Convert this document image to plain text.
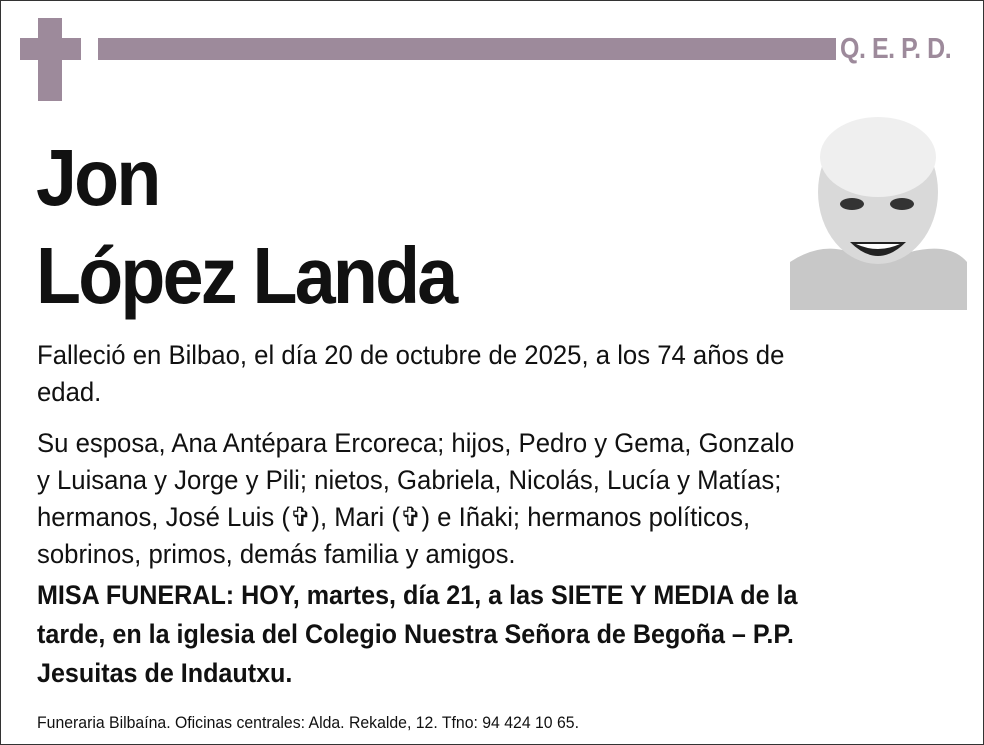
Q. E. P. D.
Jon
López Landa
Falleció en Bilbao, el día 20 de octubre de 2025, a los 74 años de
edad.
Su esposa, Ana Antépara Ercoreca; hijos, Pedro y Gema, Gonzalo
y Luisana y Jorge y Pili; nietos, Gabriela, Nicolás, Lucía y Matías;
hermanos, José Luis (✞), Mari (✞) e Iñaki; hermanos políticos,
sobrinos, primos, demás familia y amigos.
MISA FUNERAL: HOY, martes, día 21, a las SIETE Y MEDIA de la
tarde, en la iglesia del Colegio Nuestra Señora de Begoña – P.P.
Jesuitas de Indautxu.
Funeraria Bilbaína. Oficinas centrales: Alda. Rekalde, 12. Tfno: 94 424 10 65.
